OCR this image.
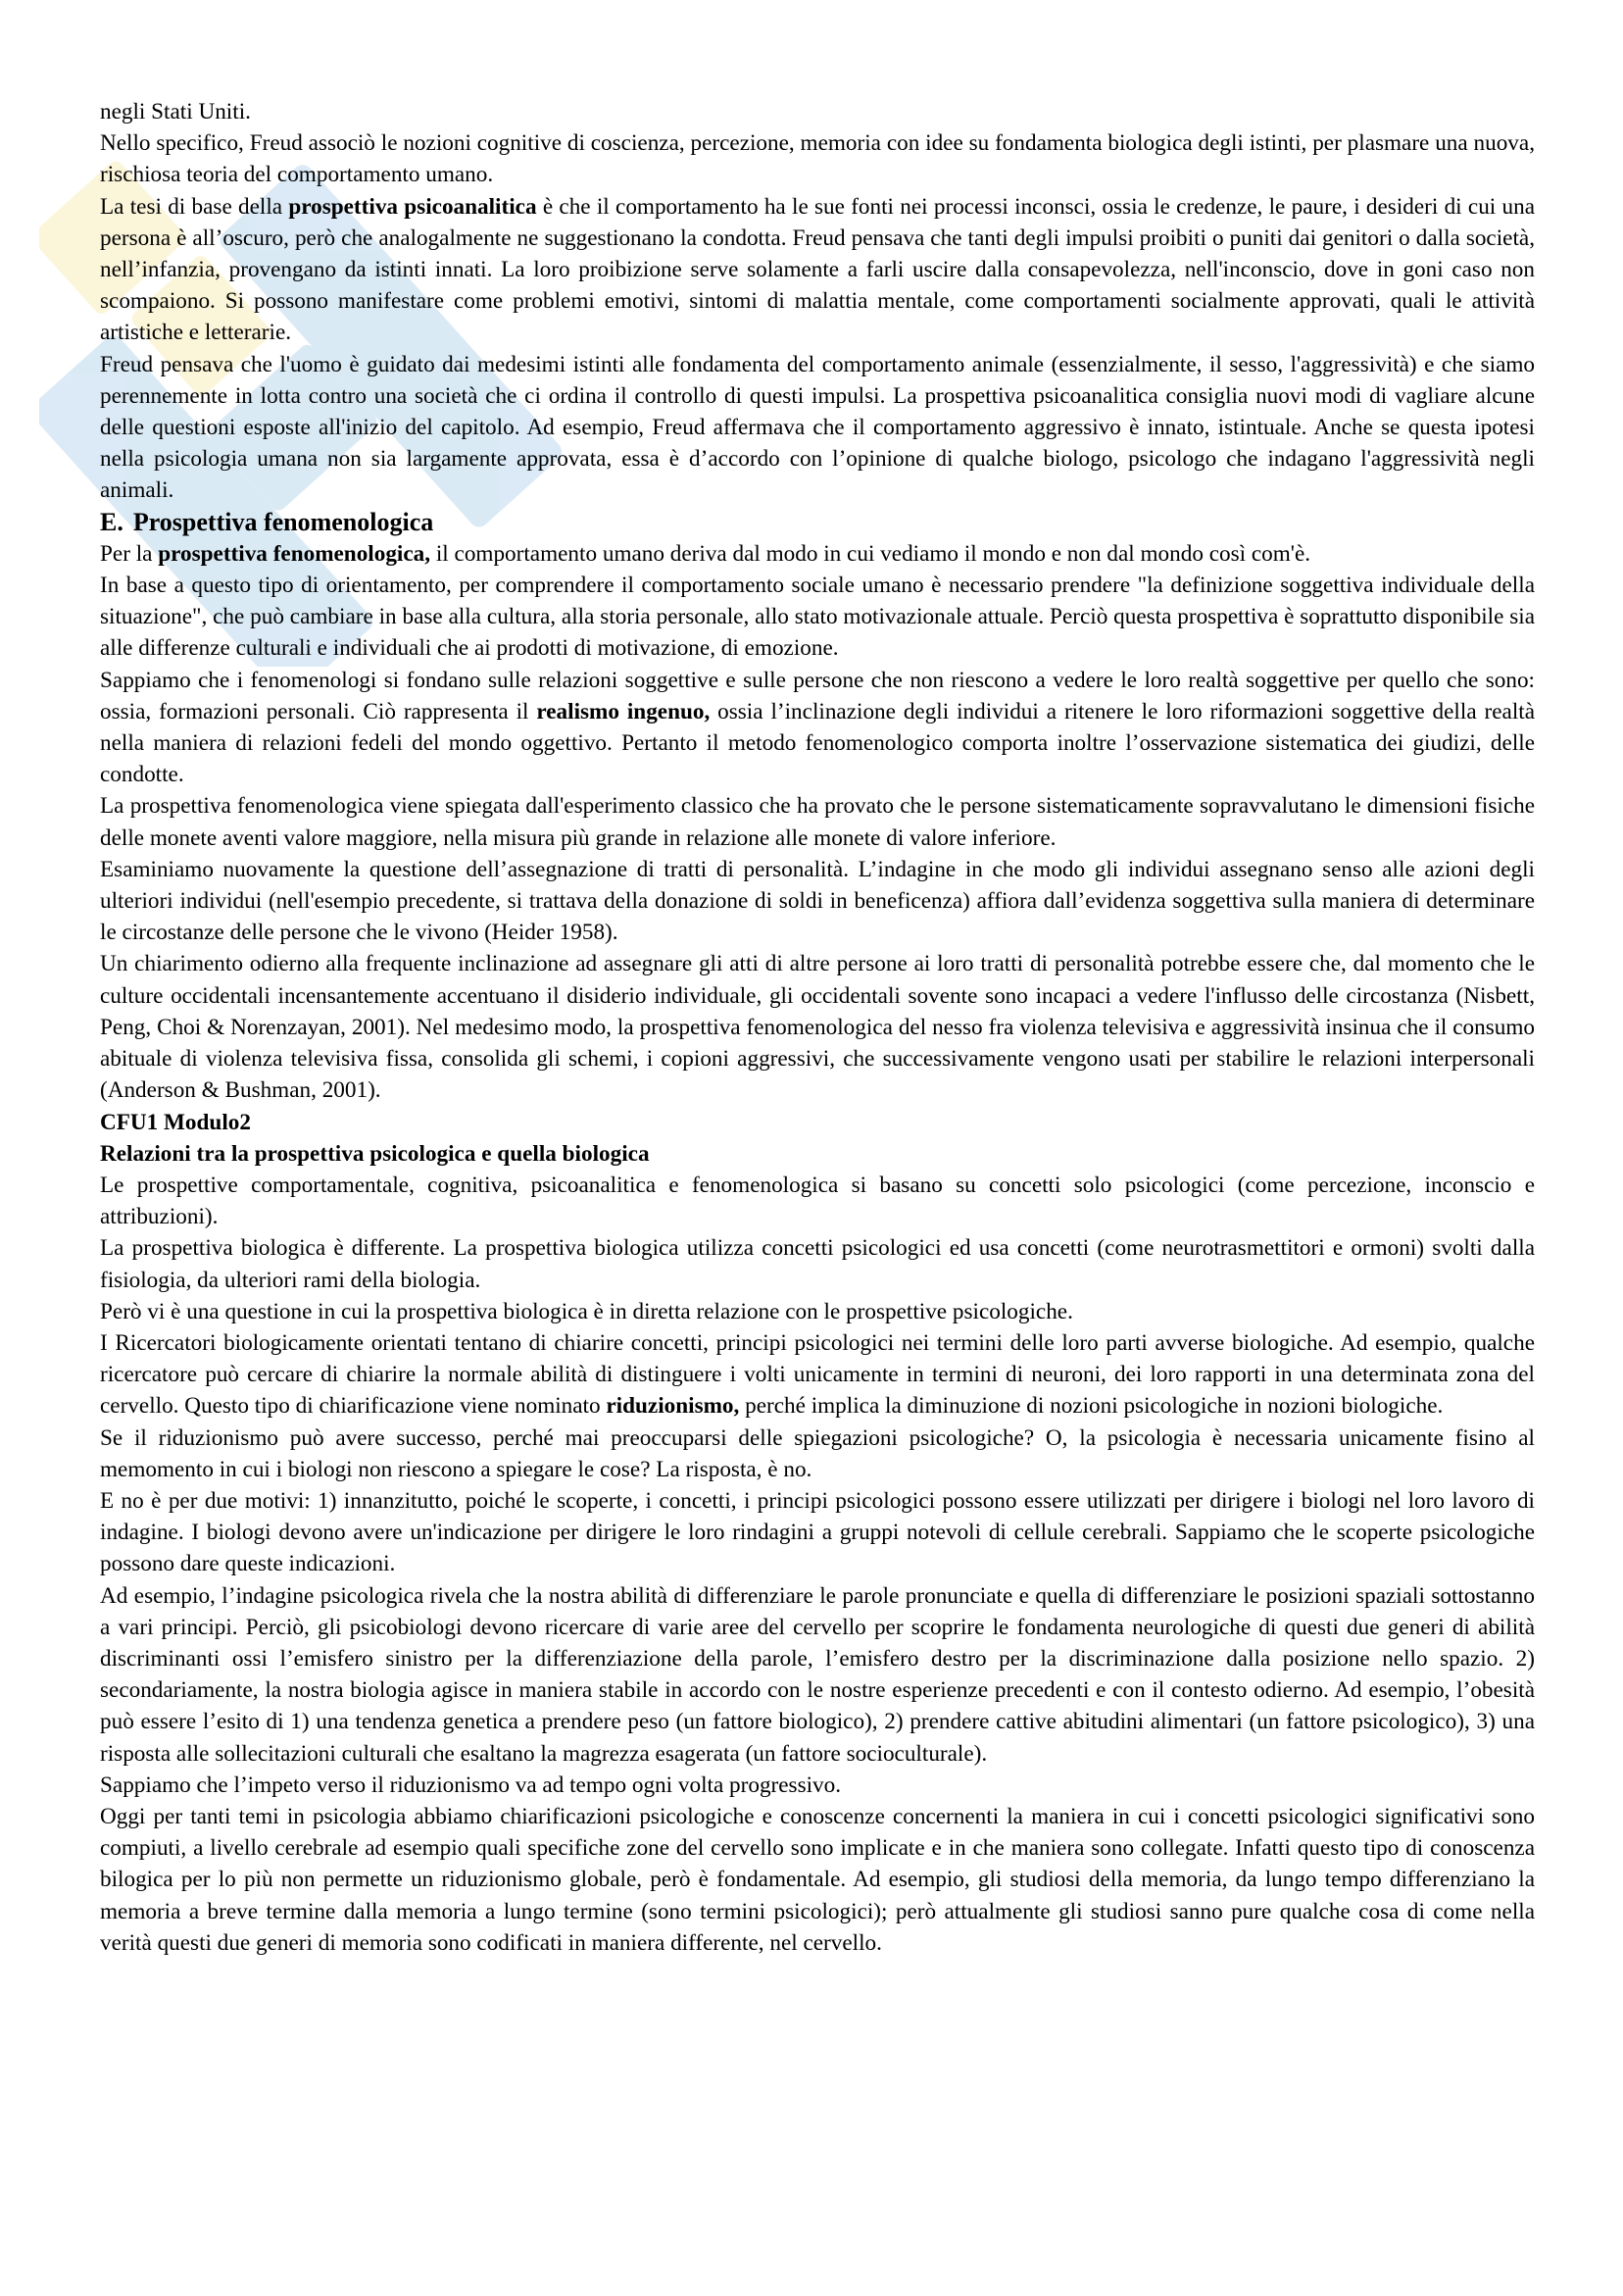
negli Stati Uniti.

Nello specifico, Freud associò le nozioni cognitive di coscienza, percezione, memoria con idee su fondamenta biologica degli istinti, per plasmare una nuova, rischiosa teoria del comportamento umano.

La tesi di base della prospettiva psicoanalitica è che il comportamento ha le sue fonti nei processi inconsci, ossia le credenze, le paure, i desideri di cui una persona è all’oscuro, però che analogalmente ne suggestionano la condotta. Freud pensava che tanti degli impulsi proibiti o puniti dai genitori o dalla società, nell’infanzia, provengano da istinti innati. La loro proibizione serve solamente a farli uscire dalla consapevolezza, nell'inconscio, dove in goni caso non scompaiono. Si possono manifestare come problemi emotivi, sintomi di malattia mentale, come comportamenti socialmente approvati, quali le attività artistiche e letterarie.

Freud pensava che l'uomo è guidato dai medesimi istinti alle fondamenta del comportamento animale (essenzialmente, il sesso, l'aggressività) e che siamo perennemente in lotta contro una società che ci ordina il controllo di questi impulsi. La prospettiva psicoanalitica consiglia nuovi modi di vagliare alcune delle questioni esposte all'inizio del capitolo. Ad esempio, Freud affermava che il comportamento aggressivo è innato, istintuale. Anche se questa ipotesi nella psicologia umana non sia largamente approvata, essa è d’accordo con l’opinione di qualche biologo, psicologo che indagano l'aggressività negli animali.

E. Prospettiva fenomenologica

Per la prospettiva fenomenologica, il comportamento umano deriva dal modo in cui vediamo il mondo e non dal mondo così com'è.

In base a questo tipo di orientamento, per comprendere il comportamento sociale umano è necessario prendere "la definizione soggettiva individuale della situazione", che può cambiare in base alla cultura, alla storia personale, allo stato motivazionale attuale. Perciò questa prospettiva è soprattutto disponibile sia alle differenze culturali e individuali che ai prodotti di motivazione, di emozione.

Sappiamo che i fenomenologi si fondano sulle relazioni soggettive e sulle persone che non riescono a vedere le loro realtà soggettive per quello che sono: ossia, formazioni personali. Ciò rappresenta il realismo ingenuo, ossia l’inclinazione degli individui a ritenere le loro riformazioni soggettive della realtà nella maniera di relazioni fedeli del mondo oggettivo. Pertanto il metodo fenomenologico comporta inoltre l’osservazione sistematica dei giudizi, delle condotte.

La prospettiva fenomenologica viene spiegata dall'esperimento classico che ha provato che le persone sistematicamente sopravvalutano le dimensioni fisiche delle monete aventi valore maggiore, nella misura più grande in relazione alle monete di valore inferiore.

Esaminiamo nuovamente la questione dell’assegnazione di tratti di personalità. L’indagine in che modo gli individui assegnano senso alle azioni degli ulteriori individui (nell'esempio precedente, si trattava della donazione di soldi in beneficenza) affiora dall’evidenza soggettiva sulla maniera di determinare le circostanze delle persone che le vivono (Heider 1958).

Un chiarimento odierno alla frequente inclinazione ad assegnare gli atti di altre persone ai loro tratti di personalità potrebbe essere che, dal momento che le culture occidentali incensantemente accentuano il disiderio individuale, gli occidentali sovente sono incapaci a vedere l'influsso delle circostanza (Nisbett, Peng, Choi & Norenzayan, 2001). Nel medesimo modo, la prospettiva fenomenologica del nesso fra violenza televisiva e aggressività insinua che il consumo abituale di violenza televisiva fissa, consolida gli schemi, i copioni aggressivi, che successivamente vengono usati per stabilire le relazioni interpersonali (Anderson & Bushman, 2001).

CFU1 Modulo2

Relazioni tra la prospettiva psicologica e quella biologica

Le prospettive comportamentale, cognitiva, psicoanalitica e fenomenologica si basano su concetti solo psicologici (come percezione, inconscio e attribuzioni).

La prospettiva biologica è differente. La prospettiva biologica utilizza concetti psicologici ed usa concetti (come neurotrasmettitori e ormoni) svolti dalla fisiologia, da ulteriori rami della biologia.

Però vi è una questione in cui la prospettiva biologica è in diretta relazione con le prospettive psicologiche.

I Ricercatori biologicamente orientati tentano di chiarire concetti, principi psicologici nei termini delle loro parti avverse biologiche. Ad esempio, qualche ricercatore può cercare di chiarire la normale abilità di distinguere i volti unicamente in termini di neuroni, dei loro rapporti in una determinata zona del cervello. Questo tipo di chiarificazione viene nominato riduzionismo, perché implica la diminuzione di nozioni psicologiche in nozioni biologiche.

Se il riduzionismo può avere successo, perché mai preoccuparsi delle spiegazioni psicologiche? O, la psicologia è necessaria unicamente fisino al memomento in cui i biologi non riescono a spiegare le cose? La risposta, è no.

E no è per due motivi: 1) innanzitutto, poiché le scoperte, i concetti, i principi psicologici possono essere utilizzati per dirigere i biologi nel loro lavoro di indagine. I biologi devono avere un'indicazione per dirigere le loro rindagini a gruppi notevoli di cellule cerebrali. Sappiamo che le scoperte psicologiche possono dare queste indicazioni.

Ad esempio, l’indagine psicologica rivela che la nostra abilità di differenziare le parole pronunciate e quella di differenziare le posizioni spaziali sottostanno a vari principi. Perciò, gli psicobiologi devono ricercare di varie aree del cervello per scoprire le fondamenta neurologiche di questi due generi di abilità discriminanti ossi l’emisfero sinistro per la differenziazione della parole, l’emisfero destro per la discriminazione dalla posizione nello spazio. 2) secondariamente, la nostra biologia agisce in maniera stabile in accordo con le nostre esperienze precedenti e con il contesto odierno. Ad esempio, l’obesità può essere l’esito di 1) una tendenza genetica a prendere peso (un fattore biologico), 2) prendere cattive abitudini alimentari (un fattore psicologico), 3) una risposta alle sollecitazioni culturali che esaltano la magrezza esagerata (un fattore socioculturale).

Sappiamo che l’impeto verso il riduzionismo va ad tempo ogni volta progressivo.

Oggi per tanti temi in psicologia abbiamo chiarificazioni psicologiche e conoscenze concernenti la maniera in cui i concetti psicologici significativi sono compiuti, a livello cerebrale ad esempio quali specifiche zone del cervello sono implicate e in che maniera sono collegate. Infatti questo tipo di conoscenza bilogica per lo più non permette un riduzionismo globale, però è fondamentale. Ad esempio, gli studiosi della memoria, da lungo tempo differenziano la memoria a breve termine dalla memoria a lungo termine (sono termini psicologici); però attualmente gli studiosi sanno pure qualche cosa di come nella verità questi due generi di memoria sono codificati in maniera differente, nel cervello.
